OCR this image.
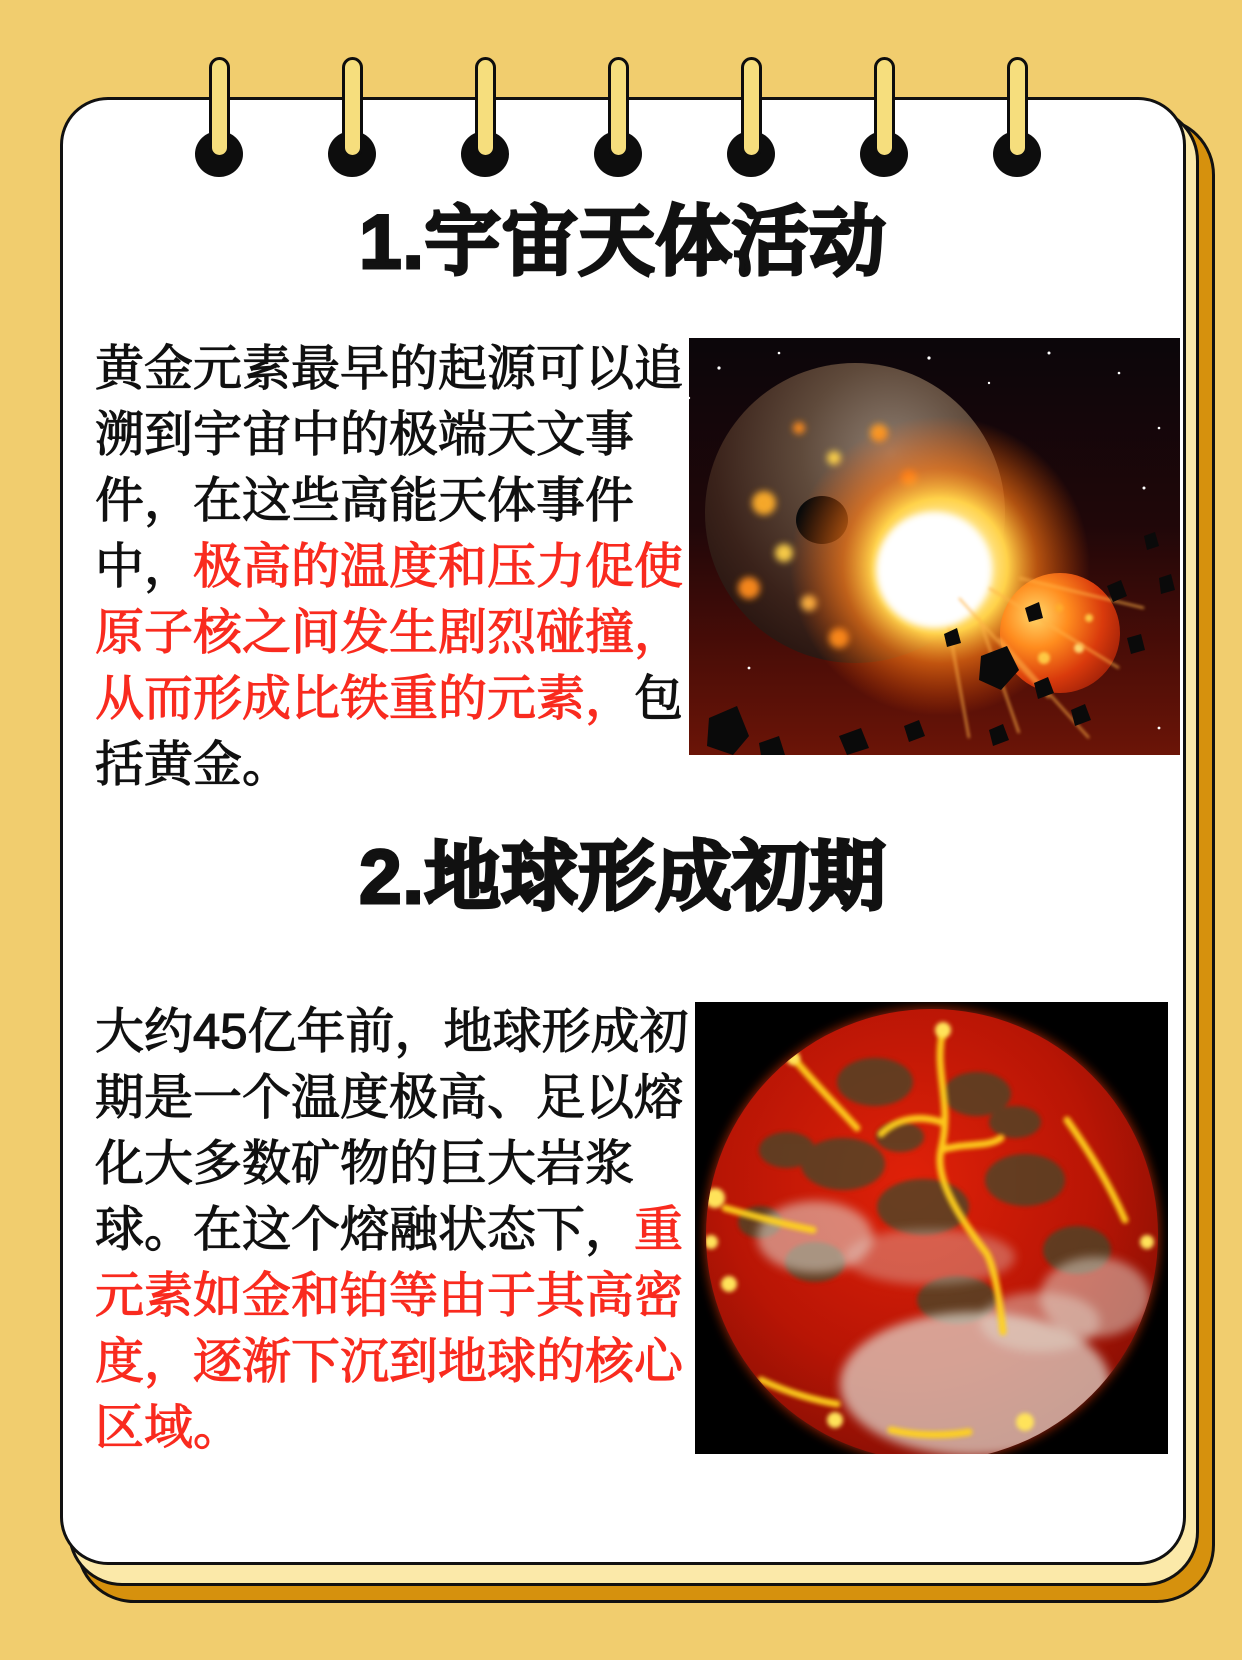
1.宇宙天体活动
黄金元素最早的起源可以追
溯到宇宙中的极端天文事
件，在这些高能天体事件
中，极高的温度和压力促使
原子核之间发生剧烈碰撞，
从而形成比铁重的元素，包
括黄金。
2.地球形成初期
大约45亿年前，地球形成初
期是一个温度极高、足以熔
化大多数矿物的巨大岩浆
球。在这个熔融状态下，重
元素如金和铂等由于其高密
度，逐渐下沉到地球的核心
区域。
